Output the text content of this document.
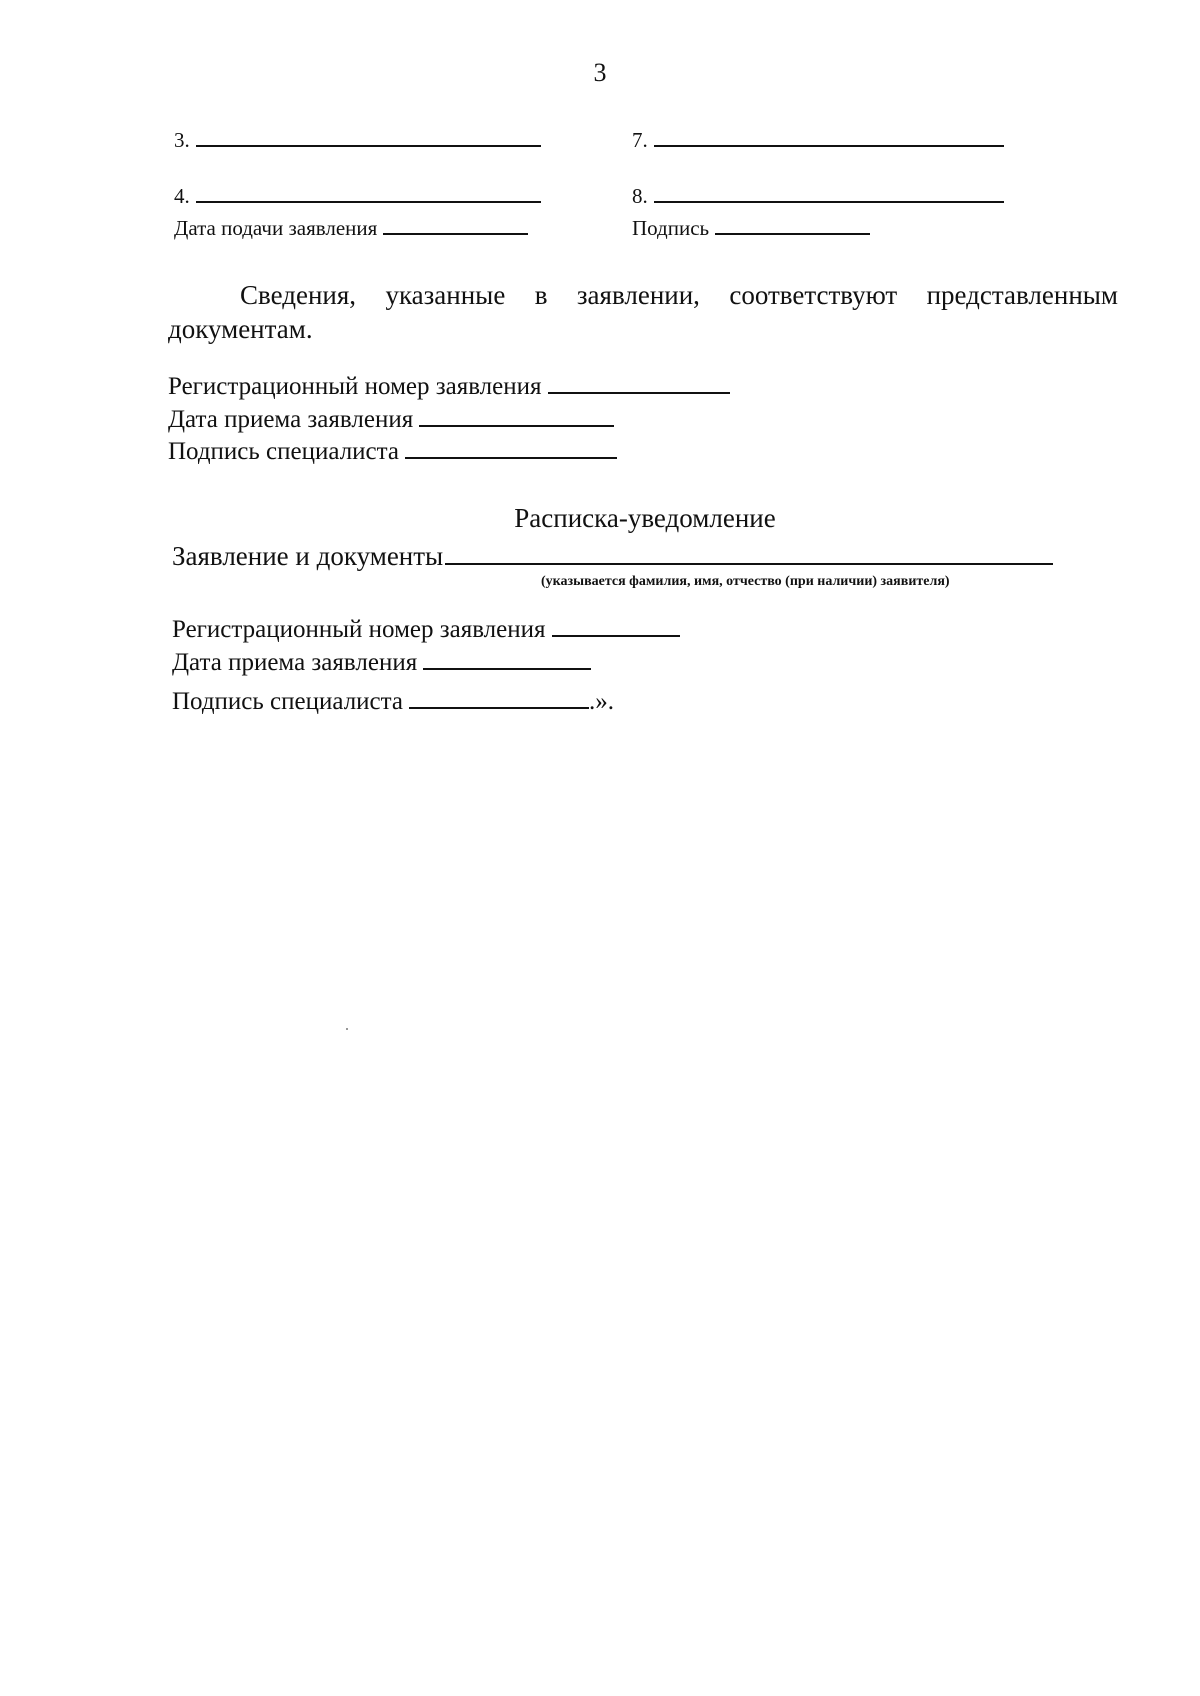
3
3.	7.
4.	8.
Дата подачи заявления	Подпись
Сведения, указанные в заявлении, соответствуют представленным документам.
Регистрационный номер заявления
Дата приема заявления
Подпись специалиста
Расписка-уведомление
Заявление и документы
(указывается фамилия, имя, отчество (при наличии) заявителя)
Регистрационный номер заявления
Дата приема заявления
Подпись специалиста	.».
